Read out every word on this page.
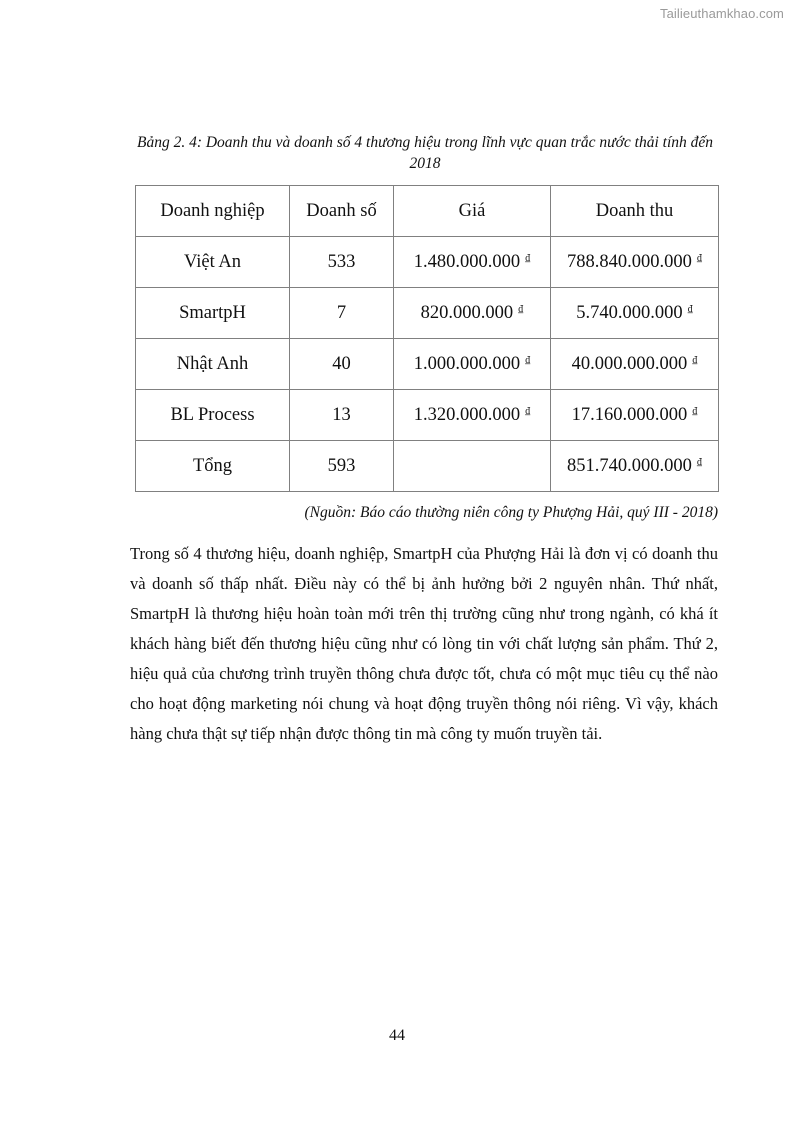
Tailieuthamkhao.com
Bảng 2. 4: Doanh thu và doanh số 4 thương hiệu trong lĩnh vực quan trắc nước thải tính đến 2018
Doanh nghiệp	Doanh số	Giá	Doanh thu
Việt An	533	1.480.000.000 ₫	788.840.000.000 ₫
SmartpH	7	820.000.000 ₫	5.740.000.000 ₫
Nhật Anh	40	1.000.000.000 ₫	40.000.000.000 ₫
BL Process	13	1.320.000.000 ₫	17.160.000.000 ₫
Tổng	593		851.740.000.000 ₫
(Nguồn: Báo cáo thường niên công ty Phượng Hải, quý III - 2018)

Trong số 4 thương hiệu, doanh nghiệp, SmartpH của Phượng Hải là đơn vị có doanh thu và doanh số thấp nhất. Điều này có thể bị ảnh hưởng bởi 2 nguyên nhân. Thứ nhất, SmartpH là thương hiệu hoàn toàn mới trên thị trường cũng như trong ngành, có khá ít khách hàng biết đến thương hiệu cũng như có lòng tin với chất lượng sản phẩm. Thứ 2, hiệu quả của chương trình truyền thông chưa được tốt, chưa có một mục tiêu cụ thể nào cho hoạt động marketing nói chung và hoạt động truyền thông nói riêng. Vì vậy, khách hàng chưa thật sự tiếp nhận được thông tin mà công ty muốn truyền tải.

44
